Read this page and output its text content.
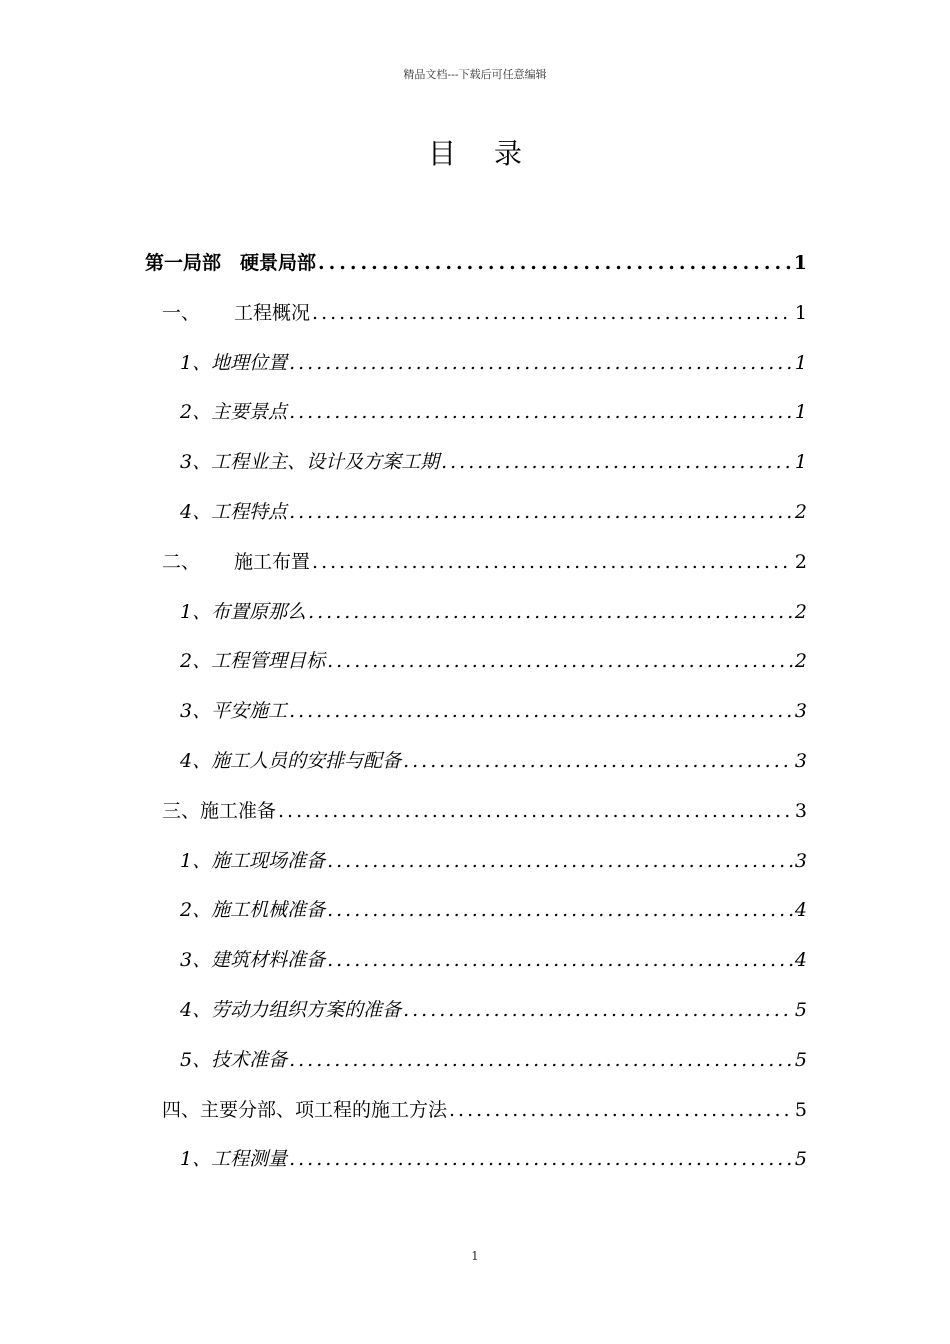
精品文档---下载后可任意编辑
目录
第一局部　硬景局部 .....	1
一、 工程概况 .....	1
1、地理位置 .....	1
2、主要景点 .....	1
3、工程业主、设计及方案工期 .....	1
4、工程特点 .....	2
二、 施工布置 .....	2
1、布置原那么 .....	2
2、工程管理目标 .....	2
3、平安施工 .....	3
4、施工人员的安排与配备 .....	3
三、施工准备 .....	3
1、施工现场准备 .....	3
2、施工机械准备 .....	4
3、建筑材料准备 .....	4
4、劳动力组织方案的准备 .....	5
5、技术准备 .....	5
四、主要分部、项工程的施工方法 .....	5
1、工程测量 .....	5
1
